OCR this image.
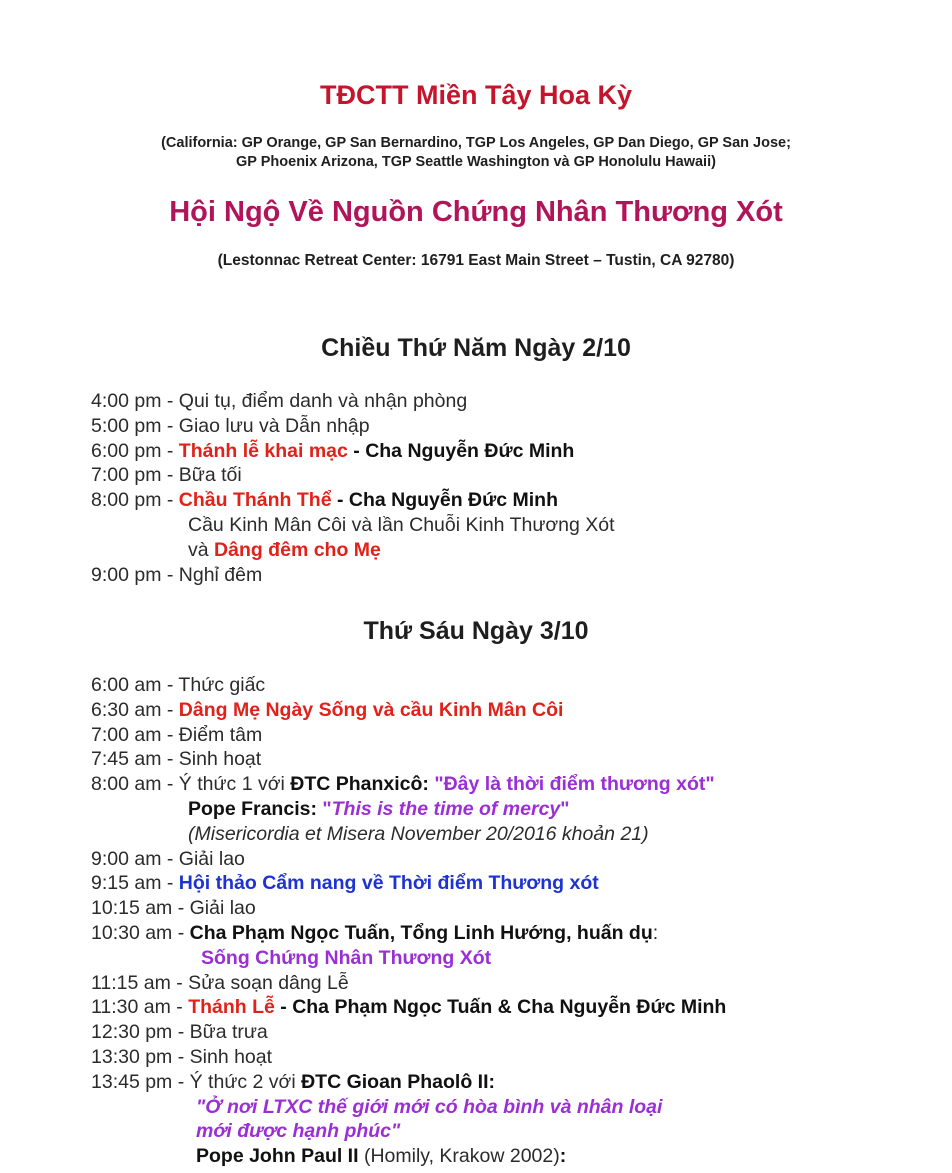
TĐCTT Miền Tây Hoa Kỳ
(California: GP Orange, GP San Bernardino, TGP Los Angeles, GP Dan Diego, GP San Jose;
GP Phoenix Arizona, TGP Seattle Washington và GP Honolulu Hawaii)
Hội Ngộ Về Nguồn Chứng Nhân Thương Xót
(Lestonnac Retreat Center: 16791 East Main Street – Tustin, CA 92780)
Chiều Thứ Năm Ngày 2/10
4:00 pm - Qui tụ, điểm danh và nhận phòng
5:00 pm - Giao lưu và Dẫn nhập
6:00 pm - Thánh lễ khai mạc - Cha Nguyễn Đức Minh
7:00 pm - Bữa tối
8:00 pm - Chầu Thánh Thể - Cha Nguyễn Đức Minh
Cầu Kinh Mân Côi và lần Chuỗi Kinh Thương Xót
và Dâng đêm cho Mẹ
9:00 pm - Nghỉ đêm
Thứ Sáu Ngày 3/10
6:00 am - Thức giấc
6:30 am - Dâng Mẹ Ngày Sống và cầu Kinh Mân Côi
7:00 am - Điểm tâm
7:45 am - Sinh hoạt
8:00 am - Ý thức 1 với ĐTC Phanxicô: "Đây là thời điểm thương xót"
Pope Francis: "This is the time of mercy"
(Misericordia et Misera November 20/2016 khoản 21)
9:00 am - Giải lao
9:15 am - Hội thảo Cẩm nang về Thời điểm Thương xót
10:15 am - Giải lao
10:30 am - Cha Phạm Ngọc Tuấn, Tổng Linh Hướng, huấn dụ:
Sống Chứng Nhân Thương Xót
11:15 am - Sửa soạn dâng Lễ
11:30 am - Thánh Lễ - Cha Phạm Ngọc Tuấn & Cha Nguyễn Đức Minh
12:30 pm - Bữa trưa
13:30 pm - Sinh hoạt
13:45 pm - Ý thức 2 với ĐTC Gioan Phaolô II:
"Ở nơi LTXC thế giới mới có hòa bình và nhân loại
mới được hạnh phúc"
Pope John Paul II (Homily, Krakow 2002):
